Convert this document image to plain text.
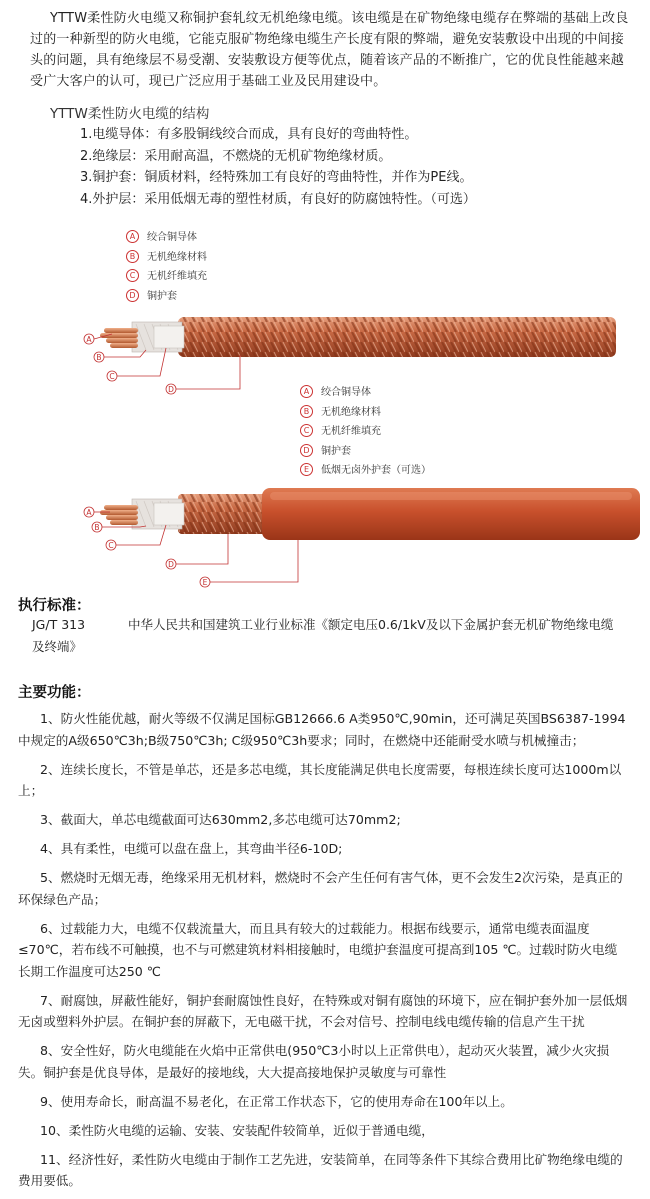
YTTW柔性防火电缆又称铜护套轧纹无机绝缘电缆。该电缆是在矿物绝缘电缆存在弊端的基础上改良过的一种新型的防火电缆，它能克服矿物绝缘电缆生产长度有限的弊端，避免安装敷设中出现的中间接头的问题，具有绝缘层不易受潮、安装敷设方便等优点，随着该产品的不断推广，它的优良性能越来越受广大客户的认可，现已广泛应用于基础工业及民用建设中。

YTTW柔性防火电缆的结构
1.电缆导体：有多股铜线绞合而成，具有良好的弯曲特性。
2.绝缘层：采用耐高温，不燃烧的无机矿物绝缘材质。
3.铜护套：铜质材料，经特殊加工有良好的弯曲特性，并作为PE线。
4.外护层：采用低烟无毒的塑性材质，有良好的防腐蚀特性。（可选）
A 绞合铜导体
B 无机绝缘材料
C 无机纤维填充
D 铜护套
A 绞合铜导体
B 无机绝缘材料
C 无机纤维填充
D 铜护套
E 低烟无卤外护套（可选）
A
B
C
D
A
B
C
D
E
执行标准：
JG/T 313	中华人民共和国建筑工业行业标准《额定电压0.6/1kV及以下金属护套无机矿物绝缘电缆及终端》
主要功能：
1、防火性能优越，耐火等级不仅满足国标GB12666.6 A类950℃,90min，还可满足英国BS6387-1994中规定的A级650℃3h;B级750℃3h; C级950℃3h要求；同时，在燃烧中还能耐受水喷与机械撞击；
2、连续长度长，不管是单芯，还是多芯电缆，其长度能满足供电长度需要，每根连续长度可达1000m以上；
3、截面大，单芯电缆截面可达630mm2,多芯电缆可达70mm2;
4、具有柔性，电缆可以盘在盘上，其弯曲半径6-10D;
5、燃烧时无烟无毒，绝缘采用无机材料，燃烧时不会产生任何有害气体，更不会发生2次污染，是真正的环保绿色产品；
6、过载能力大，电缆不仅载流量大，而且具有较大的过载能力。根据布线要示，通常电缆表面温度≤70℃，若布线不可触摸，也不与可燃建筑材料相接触时，电缆护套温度可提高到105 ℃。过载时防火电缆长期工作温度可达250 ℃
7、耐腐蚀，屏蔽性能好，铜护套耐腐蚀性良好，在特殊或对铜有腐蚀的环境下，应在铜护套外加一层低烟无卤或塑料外护层。在铜护套的屏蔽下，无电磁干扰，不会对信号、控制电线电缆传输的信息产生干扰
8、安全性好，防火电缆能在火焰中正常供电(950℃3小时以上正常供电），起动灭火装置，减少火灾损失。铜护套是优良导体，是最好的接地线，大大提高接地保护灵敏度与可靠性
9、使用寿命长，耐高温不易老化，在正常工作状态下，它的使用寿命在100年以上。
10、柔性防火电缆的运输、安装、安装配件较简单，近似于普通电缆，
11、经济性好，柔性防火电缆由于制作工艺先进，安装简单，在同等条件下其综合费用比矿物绝缘电缆的费用要低。
